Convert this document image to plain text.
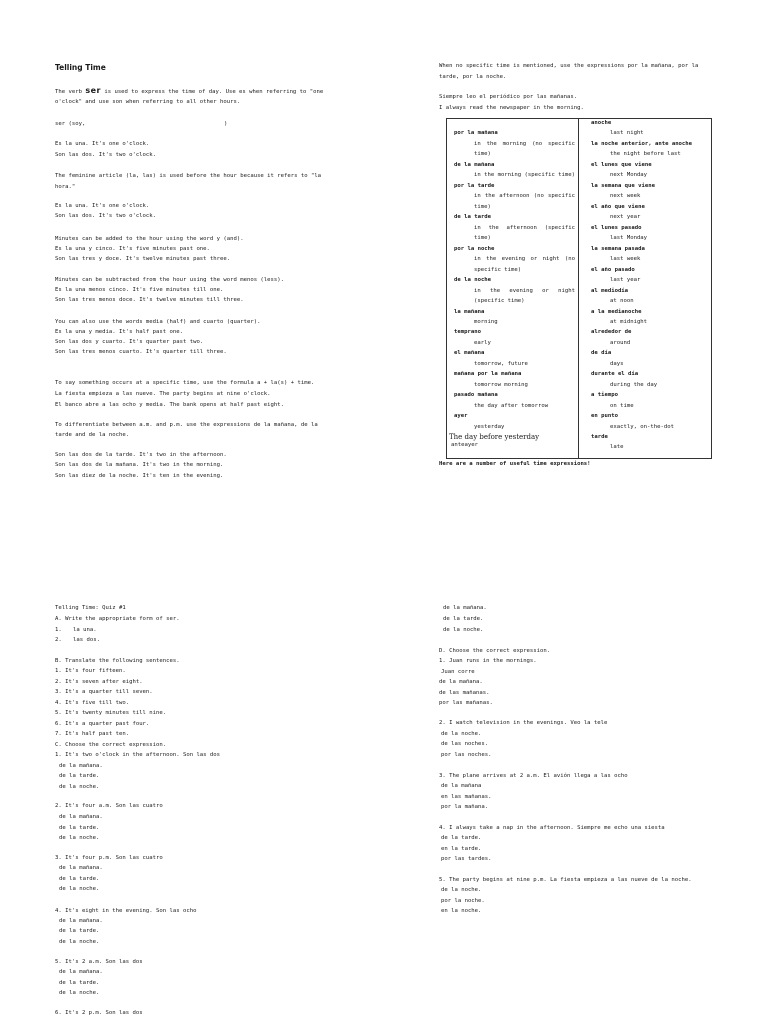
Telling Time
The verb ser is used to express the time of day. Use es when referring to "one
o'clock" and use son when referring to all other hours.
ser (soy,	)
Es la una. It's one o'clock.
Son las dos. It's two o'clock.
The feminine article (la, las) is used before the hour because it refers to "la
hora."
Es la una. It's one o'clock.
Son las dos. It's two o'clock.
Minutes can be added to the hour using the word y (and).
Es la una y cinco. It's five minutes past one.
Son las tres y doce. It's twelve minutes past three.
Minutes can be subtracted from the hour using the word menos (less).
Es la una menos cinco. It's five minutes till one.
Son las tres menos doce. It's twelve minutes till three.
You can also use the words media (half) and cuarto (quarter).
Es la una y media. It's half past one.
Son las dos y cuarto. It's quarter past two.
Son las tres menos cuarto. It's quarter till three.
To say something occurs at a specific time, use the formula a + la(s) + time.
La fiesta empieza a las nueve. The party begins at nine o'clock.
El banco abre a las ocho y media. The bank opens at half past eight.
To differentiate between a.m. and p.m. use the expressions de la mañana, de la
tarde and de la noche.
Son las dos de la tarde. It's two in the afternoon.
Son las dos de la mañana. It's two in the morning.
Son las diez de la noche. It's ten in the evening.
When no specific time is mentioned, use the expressions por la mañana, por la
tarde, por la noche.
Siempre leo el periódico por las mañanas.
I always read the newspaper in the morning.
por la mañana
in the morning (no specific
time)
de la mañana
in the morning (specific time)
por la tarde
in the afternoon (no specific
time)
de la tarde
in the afternoon (specific
time)
por la noche
in the evening or night (no
specific time)
de la noche
in the evening or night
(specific time)
la mañana
morning
temprano
early
el mañana
tomorrow, future
mañana por la mañana
tomorrow morning
pasado mañana
the day after tomorrow
ayer
yesterday
The day before yesterday
anteayer
anoche
last night
la noche anterior, ante anoche
the night before last
el lunes que viene
next Monday
la semana que viene
next week
el año que viene
next year
el lunes pasado
last Monday
la semana pasada
last week
el año pasado
last year
al mediodía
at noon
a la medianoche
at midnight
alrededor de
around
de día
days
durante el día
during the day
a tiempo
on time
en punto
exactly, on-the-dot
tarde
late
Here are a number of useful time expressions!
Telling Time: Quiz #1
A. Write the appropriate form of ser.
1. la una.
2. las dos.
B. Translate the following sentences.
1. It's four fifteen.
2. It's seven after eight.
3. It's a quarter till seven.
4. It's five till two.
5. It's twenty minutes till nine.
6. It's a quarter past four.
7. It's half past ten.
C. Choose the correct expression.
1. It's two o'clock in the afternoon. Son las dos
de la mañana.
de la tarde.
de la noche.
2. It's four a.m. Son las cuatro
de la mañana.
de la tarde.
de la noche.
3. It's four p.m. Son las cuatro
de la mañana.
de la tarde.
de la noche.
4. It's eight in the evening. Son las ocho
de la mañana.
de la tarde.
de la noche.
5. It's 2 a.m. Son las dos
de la mañana.
de la tarde.
de la noche.
6. It's 2 p.m. Son las dos
de la mañana.
de la tarde.
de la noche.
D. Choose the correct expression.
1. Juan runs in the mornings.
Juan corre
de la mañana.
de las mañanas.
por las mañanas.
2. I watch television in the evenings. Veo la tele
de la noche.
de las noches.
por las noches.
3. The plane arrives at 2 a.m. El avión llega a las ocho
de la mañana
en las mañanas.
por la mañana.
4. I always take a nap in the afternoon. Siempre me echo una siesta
de la tarde.
en la tarde.
por las tardes.
5. The party begins at nine p.m. La fiesta empieza a las nueve de la noche.
de la noche.
por la noche.
en la noche.
